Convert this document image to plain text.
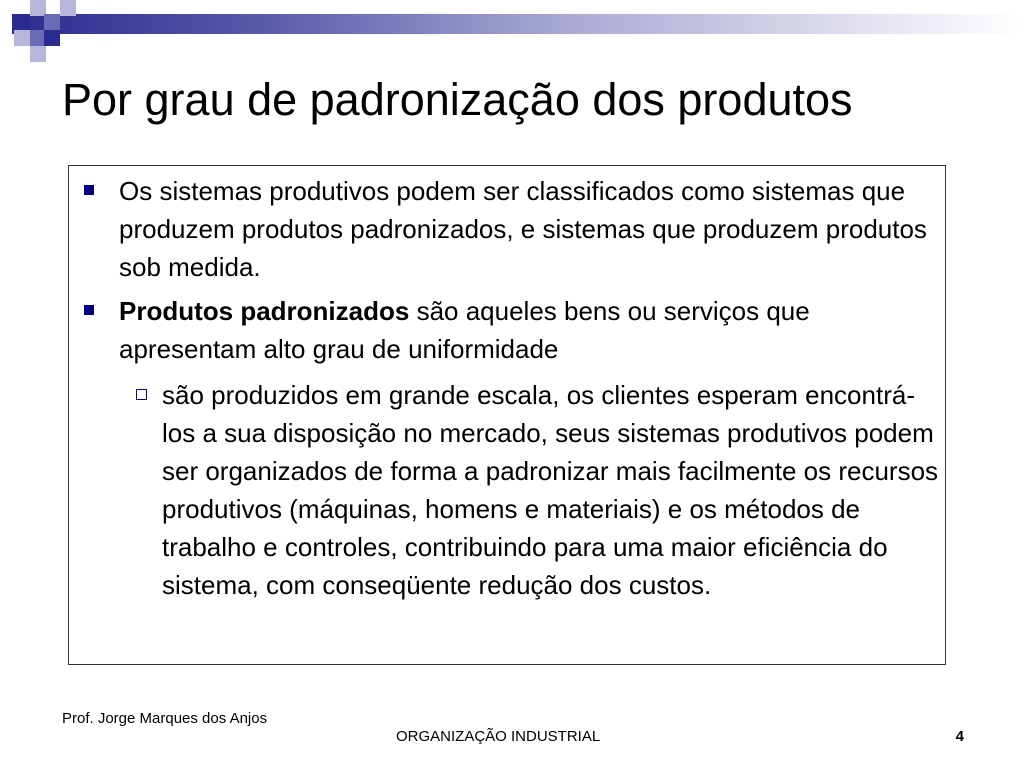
Por grau de padronização dos produtos
Os sistemas produtivos podem ser classificados como sistemas que produzem produtos padronizados, e sistemas que produzem produtos sob medida.
Produtos padronizados são aqueles bens ou serviços que apresentam alto grau de uniformidade
são produzidos em grande escala, os clientes esperam encontrá-los a sua disposição no mercado, seus sistemas produtivos podem ser organizados de forma a padronizar mais facilmente os recursos produtivos (máquinas, homens e materiais) e os métodos de trabalho e controles, contribuindo para uma maior eficiência do sistema, com conseqüente redução dos custos.
Prof. Jorge Marques dos Anjos
ORGANIZAÇÃO INDUSTRIAL	4
